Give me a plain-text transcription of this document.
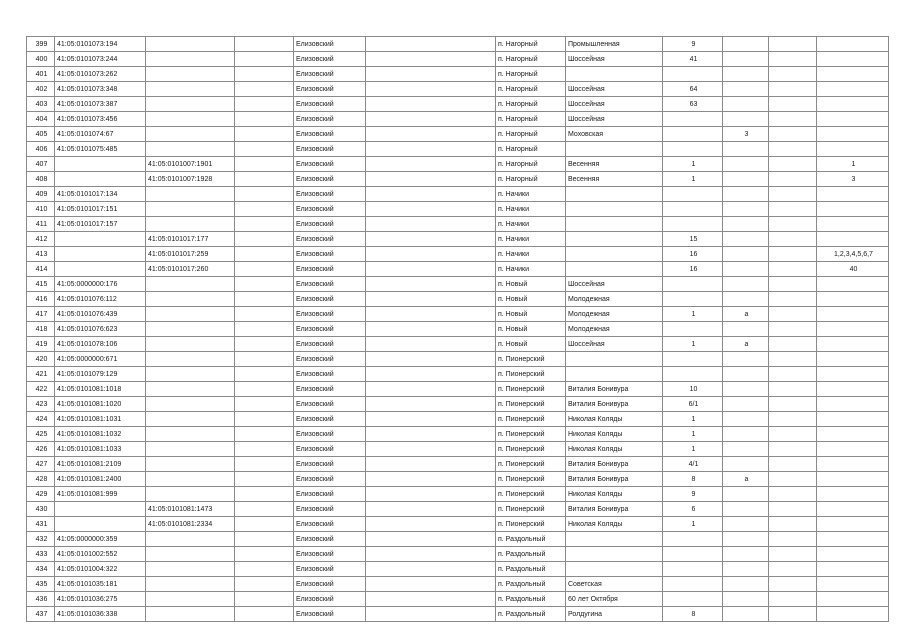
399	41:05:0101073:194			Елизовский		п. Нагорный	Промышленная	9			
400	41:05:0101073:244			Елизовский		п. Нагорный	Шоссейная	41			
401	41:05:0101073:262			Елизовский		п. Нагорный					
402	41:05:0101073:348			Елизовский		п. Нагорный	Шоссейная	64			
403	41:05:0101073:387			Елизовский		п. Нагорный	Шоссейная	63			
404	41:05:0101073:456			Елизовский		п. Нагорный	Шоссейная				
405	41:05:0101074:67			Елизовский		п. Нагорный	Моховская		3		
406	41:05:0101075:485			Елизовский		п. Нагорный					
407		41:05:0101007:1901		Елизовский		п. Нагорный	Весенняя	1			1
408		41:05:0101007:1928		Елизовский		п. Нагорный	Весенняя	1			3
409	41:05:0101017:134			Елизовский		п. Начики					
410	41:05:0101017:151			Елизовский		п. Начики					
411	41:05:0101017:157			Елизовский		п. Начики					
412		41:05:0101017:177		Елизовский		п. Начики		15			
413		41:05:0101017:259		Елизовский		п. Начики		16			1,2,3,4,5,6,7
414		41:05:0101017:260		Елизовский		п. Начики		16			40
415	41:05:0000000:176			Елизовский		п. Новый	Шоссейная				
416	41:05:0101076:112			Елизовский		п. Новый	Молодежная				
417	41:05:0101076:439			Елизовский		п. Новый	Молодежная	1	а		
418	41:05:0101076:623			Елизовский		п. Новый	Молодежная				
419	41:05:0101078:106			Елизовский		п. Новый	Шоссейная	1	а		
420	41:05:0000000:671			Елизовский		п. Пионерский					
421	41:05:0101079:129			Елизовский		п. Пионерский					
422	41:05:0101081:1018			Елизовский		п. Пионерский	Виталия Бонивура	10			
423	41:05:0101081:1020			Елизовский		п. Пионерский	Виталия Бонивура	6/1			
424	41:05:0101081:1031			Елизовский		п. Пионерский	Николая Коляды	1			
425	41:05:0101081:1032			Елизовский		п. Пионерский	Николая Коляды	1			
426	41:05:0101081:1033			Елизовский		п. Пионерский	Николая Коляды	1			
427	41:05:0101081:2109			Елизовский		п. Пионерский	Виталия Бонивура	4/1			
428	41:05:0101081:2400			Елизовский		п. Пионерский	Виталия Бонивура	8	а		
429	41:05:0101081:999			Елизовский		п. Пионерский	Николая Коляды	9			
430		41:05:0101081:1473		Елизовский		п. Пионерский	Виталия Бонивура	6			
431		41:05:0101081:2334		Елизовский		п. Пионерский	Николая Коляды	1			
432	41:05:0000000:359			Елизовский		п. Раздольный					
433	41:05:0101002:552			Елизовский		п. Раздольный					
434	41:05:0101004:322			Елизовский		п. Раздольный					
435	41:05:0101035:181			Елизовский		п. Раздольный	Советская				
436	41:05:0101036:275			Елизовский		п. Раздольный	60 лет Октября				
437	41:05:0101036:338			Елизовский		п. Раздольный	Ролдугина	8			
